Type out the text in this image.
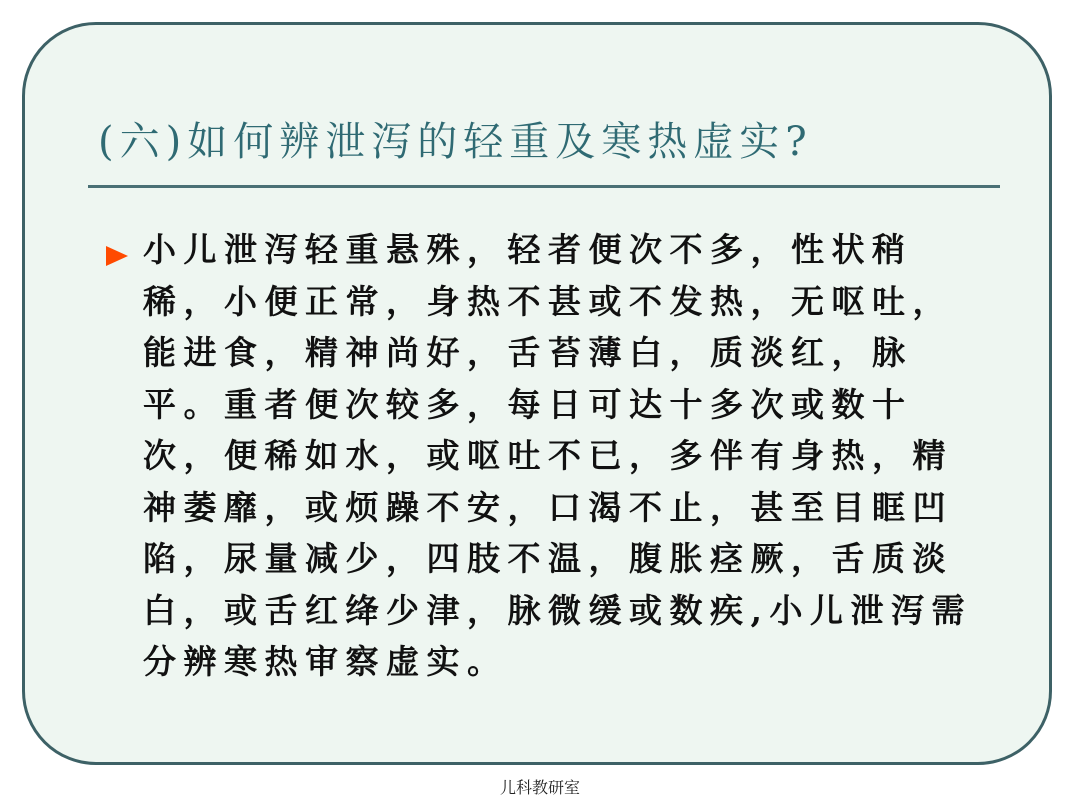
(六)如何辨泄泻的轻重及寒热虚实?

小儿泄泻轻重悬殊，轻者便次不多，性状稍稀，小便正常，身热不甚或不发热，无呕吐，能进食，精神尚好，舌苔薄白，质淡红，脉平。重者便次较多，每日可达十多次或数十次，便稀如水，或呕吐不已，多伴有身热，精神萎靡，或烦躁不安，口渴不止，甚至目眶凹陷，尿量减少，四肢不温，腹胀痉厥，舌质淡白，或舌红绛少津，脉微缓或数疾,小儿泄泻需分辨寒热审察虚实。

儿科教研室
